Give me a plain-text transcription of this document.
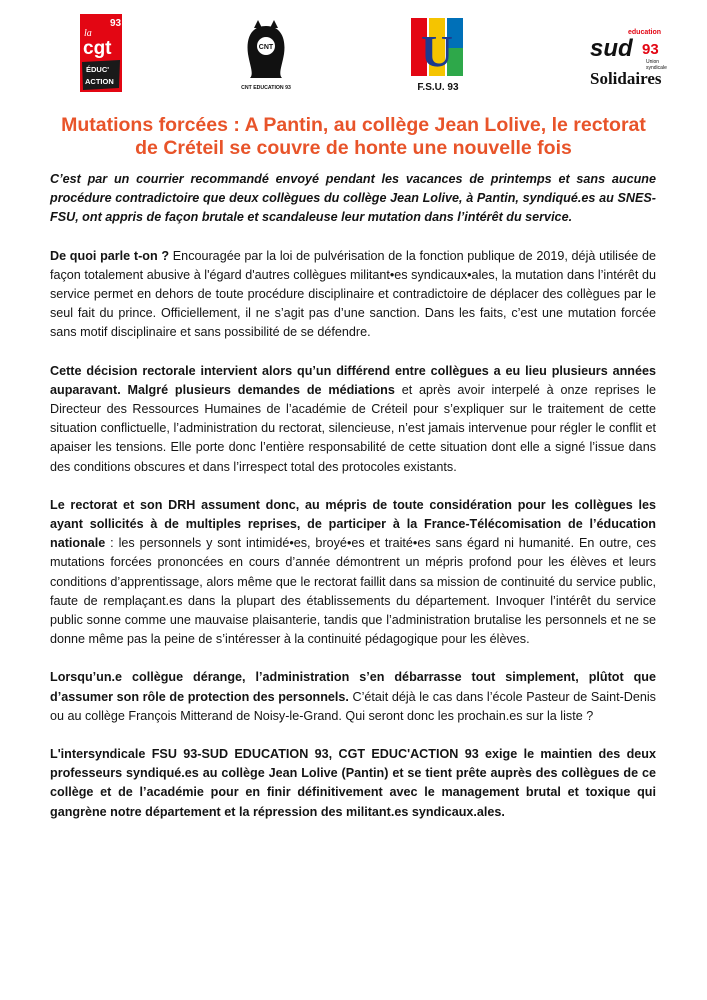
93
la
cgt
ÉDUC'
ACTION
CNT
CNT EDUCATION 93
U
F.S.U. 93
education
sud 93
Union
syndicale
Solidaires
Mutations forcées : A Pantin, au collège Jean Lolive, le rectorat de Créteil se couvre de honte une nouvelle fois

C’est par un courrier recommandé envoyé pendant les vacances de printemps et sans aucune procédure contradictoire que deux collègues du collège Jean Lolive, à Pantin, syndiqué.es au SNES-FSU, ont appris de façon brutale et scandaleuse leur mutation dans l’intérêt du service.

De quoi parle t-on ? Encouragée par la loi de pulvérisation de la fonction publique de 2019, déjà utilisée de façon totalement abusive à l'égard d'autres collègues militant•es syndicaux•ales, la mutation dans l’intérêt du service permet en dehors de toute procédure disciplinaire et contradictoire de déplacer des collègues par le seul fait du prince. Officiellement, il ne s’agit pas d’une sanction. Dans les faits, c’est une mutation forcée sans motif disciplinaire et sans possibilité de se défendre.

Cette décision rectorale intervient alors qu’un différend entre collègues a eu lieu plusieurs années auparavant. Malgré plusieurs demandes de médiations et après avoir interpelé à onze reprises le Directeur des Ressources Humaines de l’académie de Créteil pour s’expliquer sur le traitement de cette situation conflictuelle, l’administration du rectorat, silencieuse, n’est jamais intervenue pour régler le conflit et apaiser les tensions. Elle porte donc l’entière responsabilité de cette situation dont elle a signé l’issue dans des conditions obscures et dans l’irrespect total des protocoles existants.

Le rectorat et son DRH assument donc, au mépris de toute considération pour les collègues les ayant sollicités à de multiples reprises, de participer à la France-Télécomisation de l’éducation nationale : les personnels y sont intimidé•es, broyé•es et traité•es sans égard ni humanité. En outre, ces mutations forcées prononcées en cours d’année démontrent un mépris profond pour les élèves et leurs conditions d’apprentissage, alors même que le rectorat faillit dans sa mission de continuité du service public, faute de remplaçant.es dans la plupart des établissements du département. Invoquer l’intérêt du service public sonne comme une mauvaise plaisanterie, tandis que l’administration brutalise les personnels et ne se donne même pas la peine de s’intéresser à la continuité pédagogique pour les élèves.

Lorsqu’un.e collègue dérange, l’administration s’en débarrasse tout simplement, plûtot que d’assumer son rôle de protection des personnels. C’était déjà le cas dans l’école Pasteur de Saint-Denis ou au collège François Mitterand de Noisy-le-Grand. Qui seront donc les prochain.es sur la liste ?

L'intersyndicale FSU 93-SUD EDUCATION 93, CGT EDUC'ACTION 93 exige le maintien des deux professeurs syndiqué.es au collège Jean Lolive (Pantin) et se tient prête auprès des collègues de ce collège et de l’académie pour en finir définitivement avec le management brutal et toxique qui gangrène notre département et la répression des militant.es syndicaux.ales.
